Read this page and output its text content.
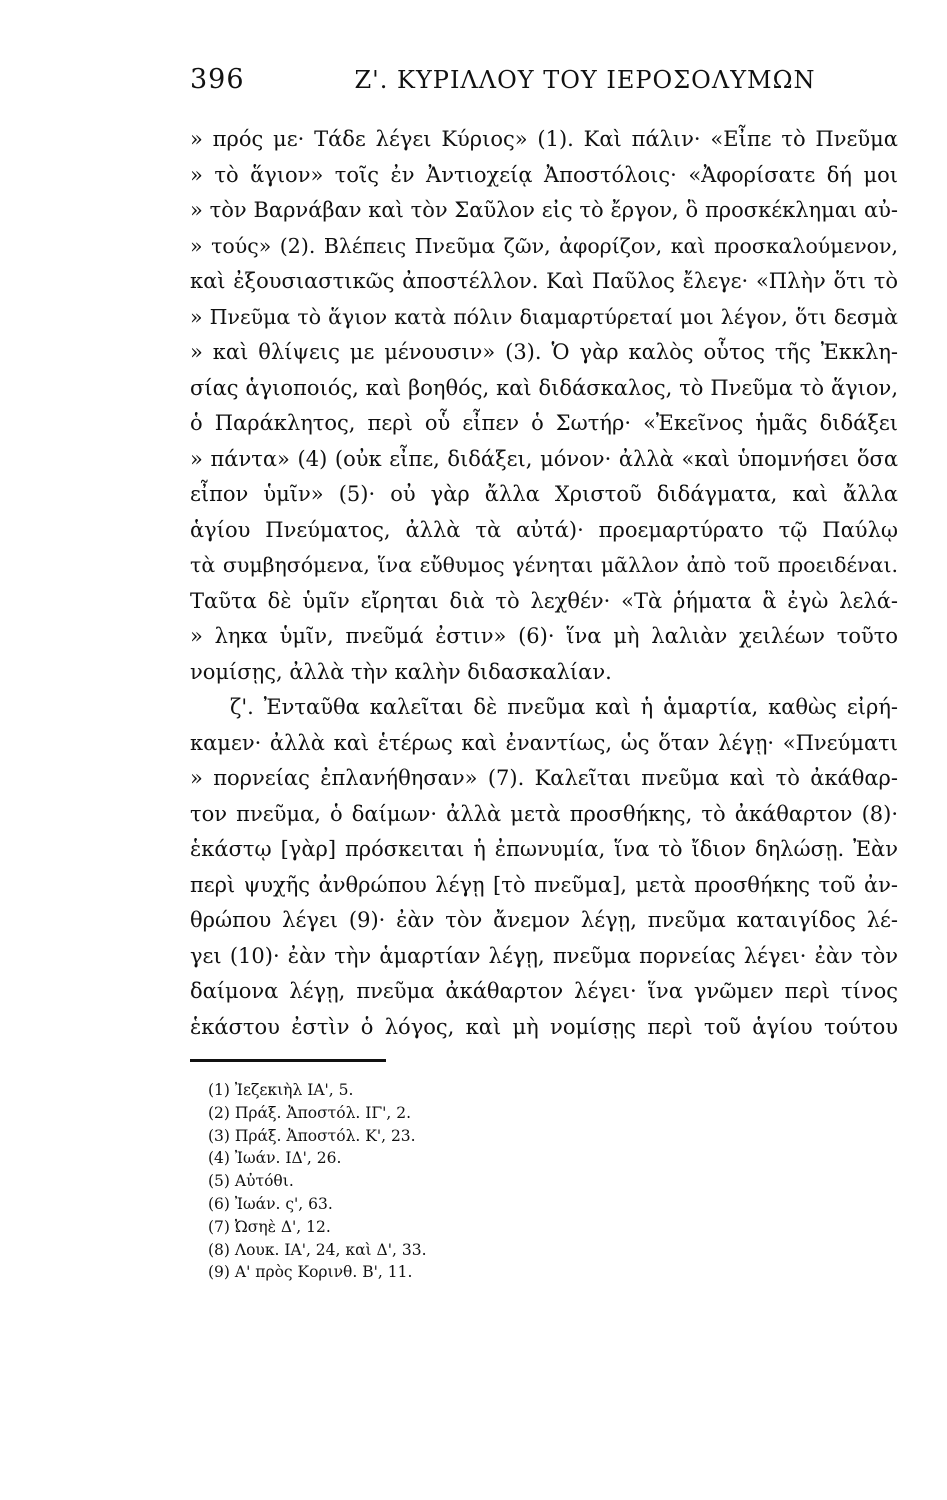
396	Ζ'. ΚΥΡΙΛΛΟΥ ΤΟΥ ΙΕΡΟΣΟΛΥΜΩΝ
» πρός με· Τάδε λέγει Κύριος» (1). Καὶ πάλιν· «Εἶπε τὸ Πνεῦμα
» τὸ ἅγιον» τοῖς ἐν Ἀντιοχείᾳ Ἀποστόλοις· «Ἀφορίσατε δή μοι
» τὸν Βαρνάβαν καὶ τὸν Σαῦλον εἰς τὸ ἔργον, ὃ προσκέκλημαι αὐ-
» τούς» (2). Βλέπεις Πνεῦμα ζῶν, ἀφορίζον, καὶ προσκαλούμενον,
καὶ ἐξουσιαστικῶς ἀποστέλλον. Καὶ Παῦλος ἔλεγε· «Πλὴν ὅτι τὸ
» Πνεῦμα τὸ ἅγιον κατὰ πόλιν διαμαρτύρεταί μοι λέγον, ὅτι δεσμὰ
» καὶ θλίψεις με μένουσιν» (3). Ὁ γὰρ καλὸς οὗτος τῆς Ἐκκλη-
σίας ἁγιοποιός, καὶ βοηθός, καὶ διδάσκαλος, τὸ Πνεῦμα τὸ ἅγιον,
ὁ Παράκλητος, περὶ οὗ εἶπεν ὁ Σωτήρ· «Ἐκεῖνος ἡμᾶς διδάξει
» πάντα» (4) (οὐκ εἶπε, διδάξει, μόνον· ἀλλὰ «καὶ ὑπομνήσει ὅσα
εἶπον ὑμῖν» (5)· οὐ γὰρ ἄλλα Χριστοῦ διδάγματα, καὶ ἄλλα
ἁγίου Πνεύματος, ἀλλὰ τὰ αὐτά)· προεμαρτύρατο τῷ Παύλῳ
τὰ συμβησόμενα, ἵνα εὔθυμος γένηται μᾶλλον ἀπὸ τοῦ προειδέναι.
Ταῦτα δὲ ὑμῖν εἴρηται διὰ τὸ λεχθέν· «Τὰ ῥήματα ἃ ἐγὼ λελά-
» ληκα ὑμῖν, πνεῦμά ἐστιν» (6)· ἵνα μὴ λαλιὰν χειλέων τοῦτο
νομίσῃς, ἀλλὰ τὴν καλὴν διδασκαλίαν.
ζ'. Ἐνταῦθα καλεῖται δὲ πνεῦμα καὶ ἡ ἁμαρτία, καθὼς εἰρή-
καμεν· ἀλλὰ καὶ ἑτέρως καὶ ἐναντίως, ὡς ὅταν λέγῃ· «Πνεύματι
» πορνείας ἐπλανήθησαν» (7). Καλεῖται πνεῦμα καὶ τὸ ἀκάθαρ-
τον πνεῦμα, ὁ δαίμων· ἀλλὰ μετὰ προσθήκης, τὸ ἀκάθαρτον (8)·
ἑκάστῳ [γὰρ] πρόσκειται ἡ ἐπωνυμία, ἵνα τὸ ἴδιον δηλώσῃ. Ἐὰν
περὶ ψυχῆς ἀνθρώπου λέγῃ [τὸ πνεῦμα], μετὰ προσθήκης τοῦ ἀν-
θρώπου λέγει (9)· ἐὰν τὸν ἄνεμον λέγῃ, πνεῦμα καταιγίδος λέ-
γει (10)· ἐὰν τὴν ἁμαρτίαν λέγῃ, πνεῦμα πορνείας λέγει· ἐὰν τὸν
δαίμονα λέγῃ, πνεῦμα ἀκάθαρτον λέγει· ἵνα γνῶμεν περὶ τίνος
ἑκάστου ἐστὶν ὁ λόγος, καὶ μὴ νομίσῃς περὶ τοῦ ἁγίου τούτου
(1) Ἰεζεκιὴλ ΙΑ', 5.
(2) Πράξ. Ἀποστόλ. ΙΓ', 2.
(3) Πράξ. Ἀποστόλ. Κ', 23.
(4) Ἰωάν. ΙΔ', 26.
(5) Αὐτόθι.
(6) Ἰωάν. ς', 63.
(7) Ὠσηὲ Δ', 12.
(8) Λουκ. ΙΑ', 24, καὶ Δ', 33.
(9) Α' πρὸς Κορινθ. Β', 11.
